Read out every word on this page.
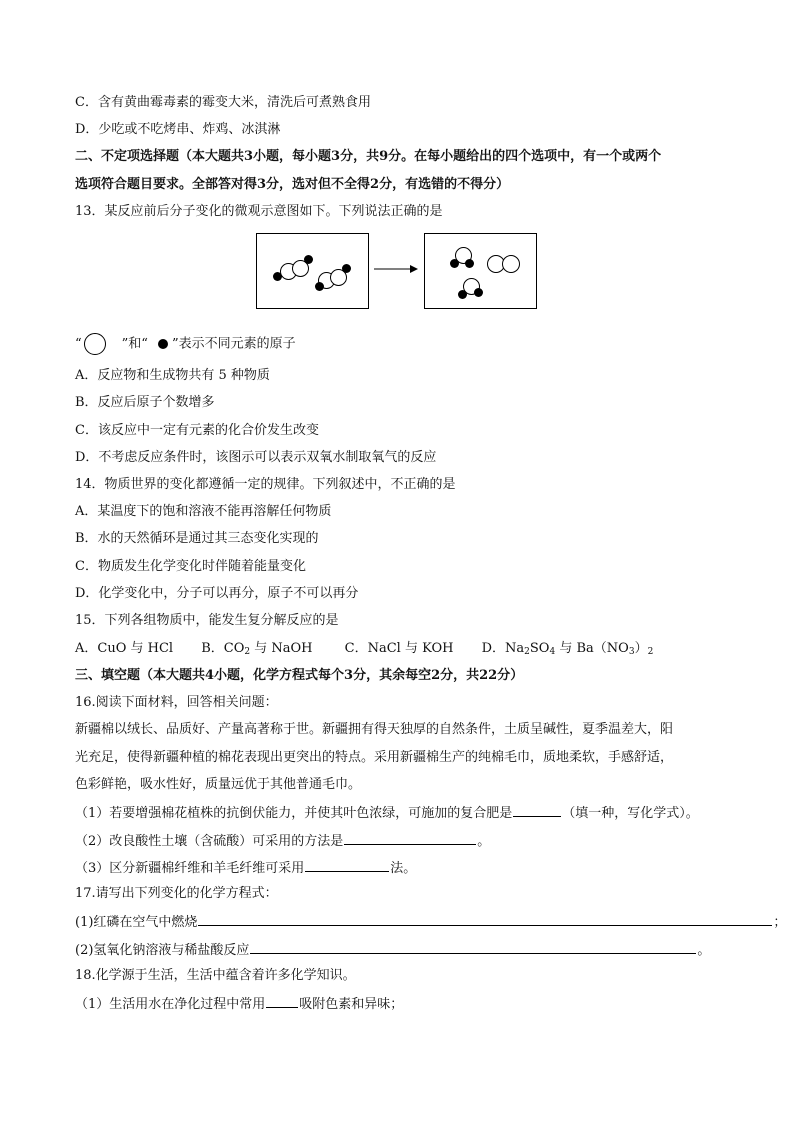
C．含有黄曲霉毒素的霉变大米，清洗后可煮熟食用
D．少吃或不吃烤串、炸鸡、冰淇淋
二、不定项选择题（本大题共3小题，每小题3分，共9分。在每小题给出的四个选项中，有一个或两个
选项符合题目要求。全部答对得3分，选对但不全得2分，有选错的不得分）
13．某反应前后分子变化的微观示意图如下。下列说法正确的是
“	”和“ ”表示不同元素的原子
A．反应物和生成物共有 5 种物质
B．反应后原子个数增多
C．该反应中一定有元素的化合价发生改变
D．不考虑反应条件时，该图示可以表示双氧水制取氧气的反应
14．物质世界的变化都遵循一定的规律。下列叙述中，不正确的是
A．某温度下的饱和溶液不能再溶解任何物质
B．水的天然循环是通过其三态变化实现的
C．物质发生化学变化时伴随着能量变化
D．化学变化中，分子可以再分，原子不可以再分
15．下列各组物质中，能发生复分解反应的是
A．CuO 与 HCl B．$CO_2$ 与 NaOH C．NaCl 与 KOH D．$Na_2SO_4$ 与 $Ba(NO_3)_2$
三、填空题（本大题共4小题，化学方程式每个3分，其余每空2分，共22分）
16.阅读下面材料，回答相关问题：
新疆棉以绒长、品质好、产量高著称于世。新疆拥有得天独厚的自然条件，土质呈碱性，夏季温差大，阳
光充足，使得新疆种植的棉花表现出更突出的特点。采用新疆棉生产的纯棉毛巾，质地柔软，手感舒适，
色彩鲜艳，吸水性好，质量远优于其他普通毛巾。
（1）若要增强棉花植株的抗倒伏能力，并使其叶色浓绿，可施加的复合肥是	（填一种，写化学式）。
（2）改良酸性土壤（含硫酸）可采用的方法是	。
（3）区分新疆棉纤维和羊毛纤维可采用	法。
17.请写出下列变化的化学方程式：
(1)红磷在空气中燃烧	；
(2)氢氧化钠溶液与稀盐酸反应	。
18.化学源于生活，生活中蕴含着许多化学知识。
（1）生活用水在净化过程中常用	吸附色素和异味；
